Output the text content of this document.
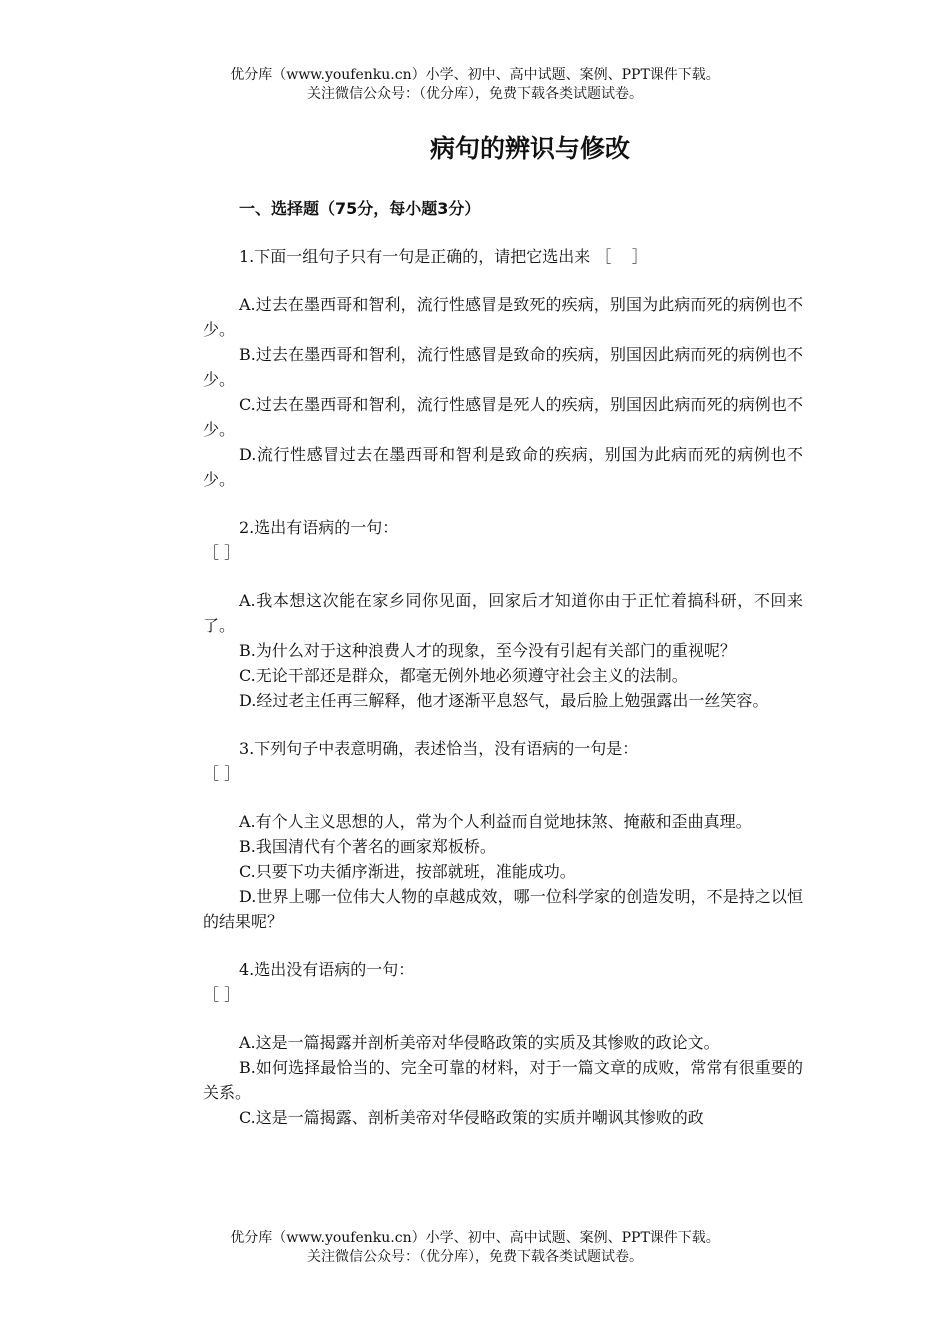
优分库（www.youfenku.cn）小学、初中、高中试题、案例、PPT课件下载。
关注微信公众号：（优分库），免费下载各类试题试卷。
病句的辨识与修改
一、选择题（75分，每小题3分）
1.下面一组句子只有一句是正确的，请把它选出来 ［    ］
A.过去在墨西哥和智利，流行性感冒是致死的疾病，别国为此病而死的病例也不少。
B.过去在墨西哥和智利，流行性感冒是致命的疾病，别国因此病而死的病例也不少。
C.过去在墨西哥和智利，流行性感冒是死人的疾病，别国因此病而死的病例也不少。
D.流行性感冒过去在墨西哥和智利是致命的疾病，别国为此病而死的病例也不少。
2.选出有语病的一句：
［ ］
A.我本想这次能在家乡同你见面，回家后才知道你由于正忙着搞科研，不回来了。
B.为什么对于这种浪费人才的现象，至今没有引起有关部门的重视呢？
C.无论干部还是群众，都毫无例外地必须遵守社会主义的法制。
D.经过老主任再三解释，他才逐渐平息怒气，最后脸上勉强露出一丝笑容。
3.下列句子中表意明确，表述恰当，没有语病的一句是：
［ ］
A.有个人主义思想的人，常为个人利益而自觉地抹煞、掩蔽和歪曲真理。
B.我国清代有个著名的画家郑板桥。
C.只要下功夫循序渐进，按部就班，准能成功。
D.世界上哪一位伟大人物的卓越成效，哪一位科学家的创造发明，不是持之以恒的结果呢？
4.选出没有语病的一句：
［ ］
A.这是一篇揭露并剖析美帝对华侵略政策的实质及其惨败的政论文。
B.如何选择最恰当的、完全可靠的材料，对于一篇文章的成败，常常有很重要的关系。
C.这是一篇揭露、剖析美帝对华侵略政策的实质并嘲讽其惨败的政
优分库（www.youfenku.cn）小学、初中、高中试题、案例、PPT课件下载。
关注微信公众号：（优分库），免费下载各类试题试卷。
